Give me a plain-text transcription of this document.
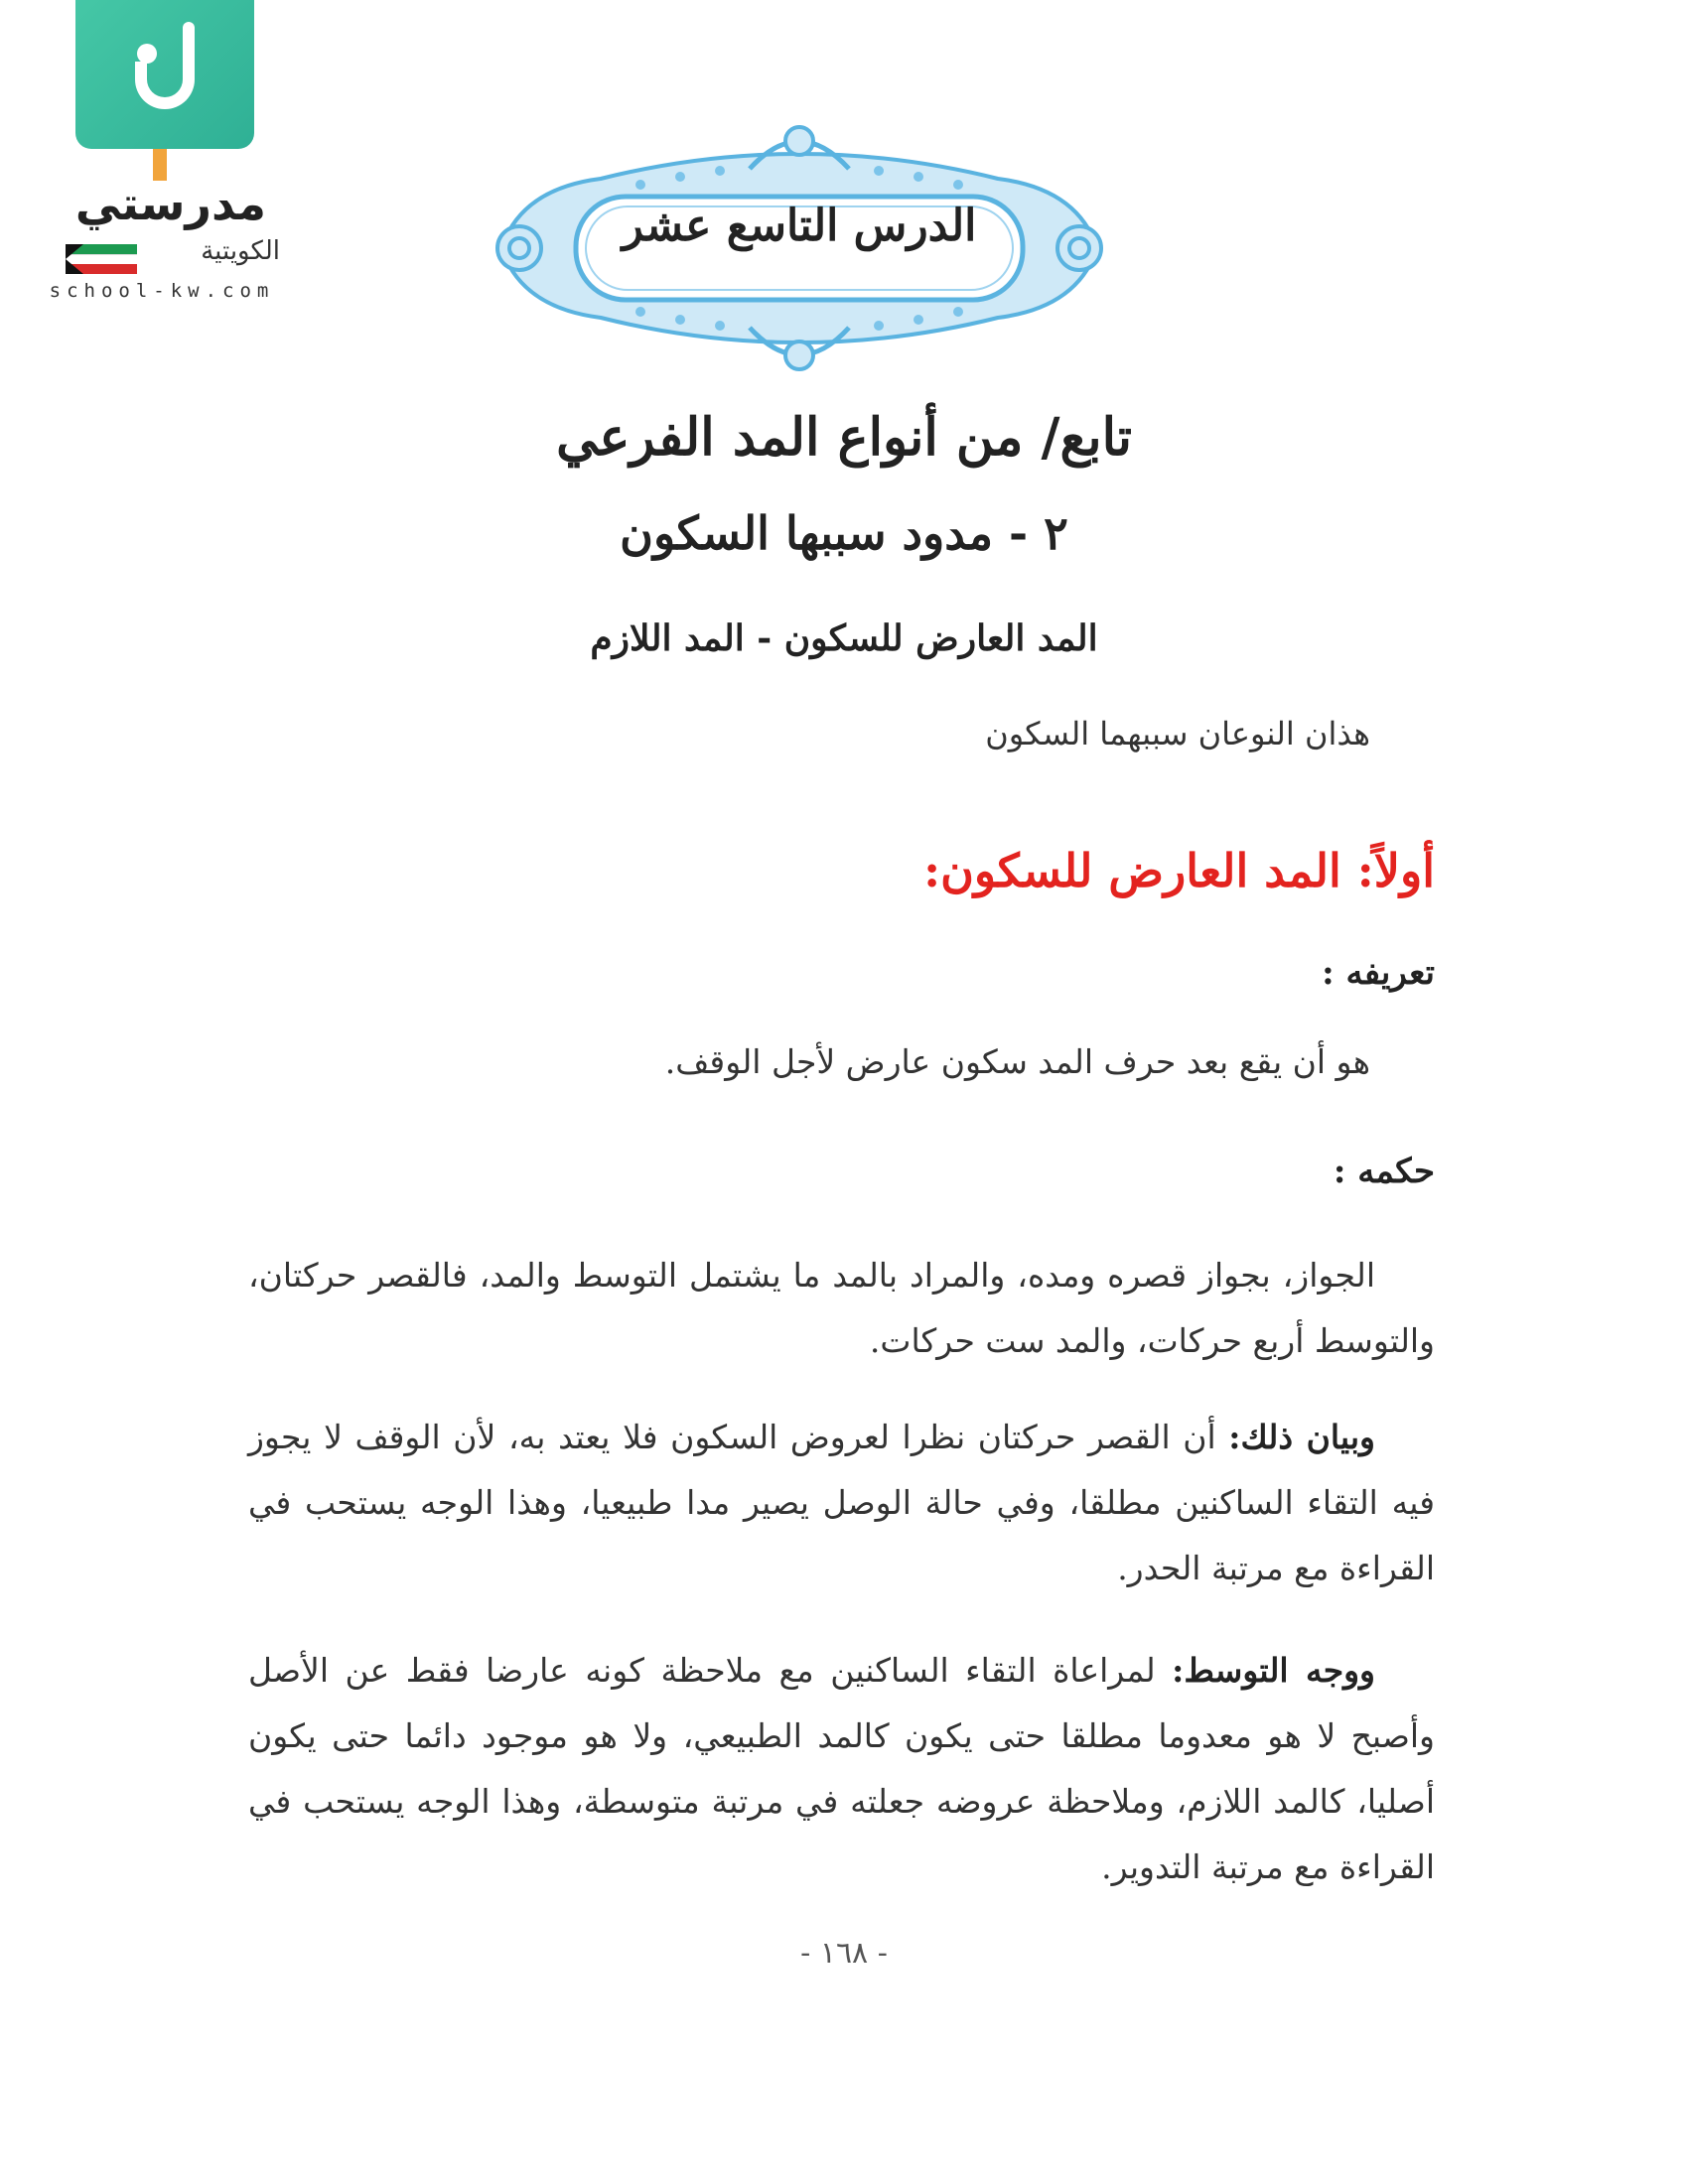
مدرستي
الكويتية
school-kw.com
الدرس التاسع عشر
تابع/ من أنواع المد الفرعي
٢ - مدود سببها السكون
المد العارض للسكون - المد اللازم
هذان النوعان سببهما السكون
أولاً: المد العارض للسكون:
تعريفه :
هو أن يقع بعد حرف المد سكون عارض لأجل الوقف.
حكمه :
الجواز، بجواز قصره ومده، والمراد بالمد ما يشتمل التوسط والمد، فالقصر حركتان، والتوسط أربع حركات، والمد ست حركات.
وبيان ذلك: أن القصر حركتان نظرا لعروض السكون فلا يعتد به، لأن الوقف لا يجوز فيه التقاء الساكنين مطلقا، وفي حالة الوصل يصير مدا طبيعيا، وهذا الوجه يستحب في القراءة مع مرتبة الحدر.
ووجه التوسط: لمراعاة التقاء الساكنين مع ملاحظة كونه عارضا فقط عن الأصل وأصبح لا هو معدوما مطلقا حتى يكون كالمد الطبيعي، ولا هو موجود دائما حتى يكون أصليا، كالمد اللازم، وملاحظة عروضه جعلته في مرتبة متوسطة، وهذا الوجه يستحب في القراءة مع مرتبة التدوير.
- ١٦٨ -
